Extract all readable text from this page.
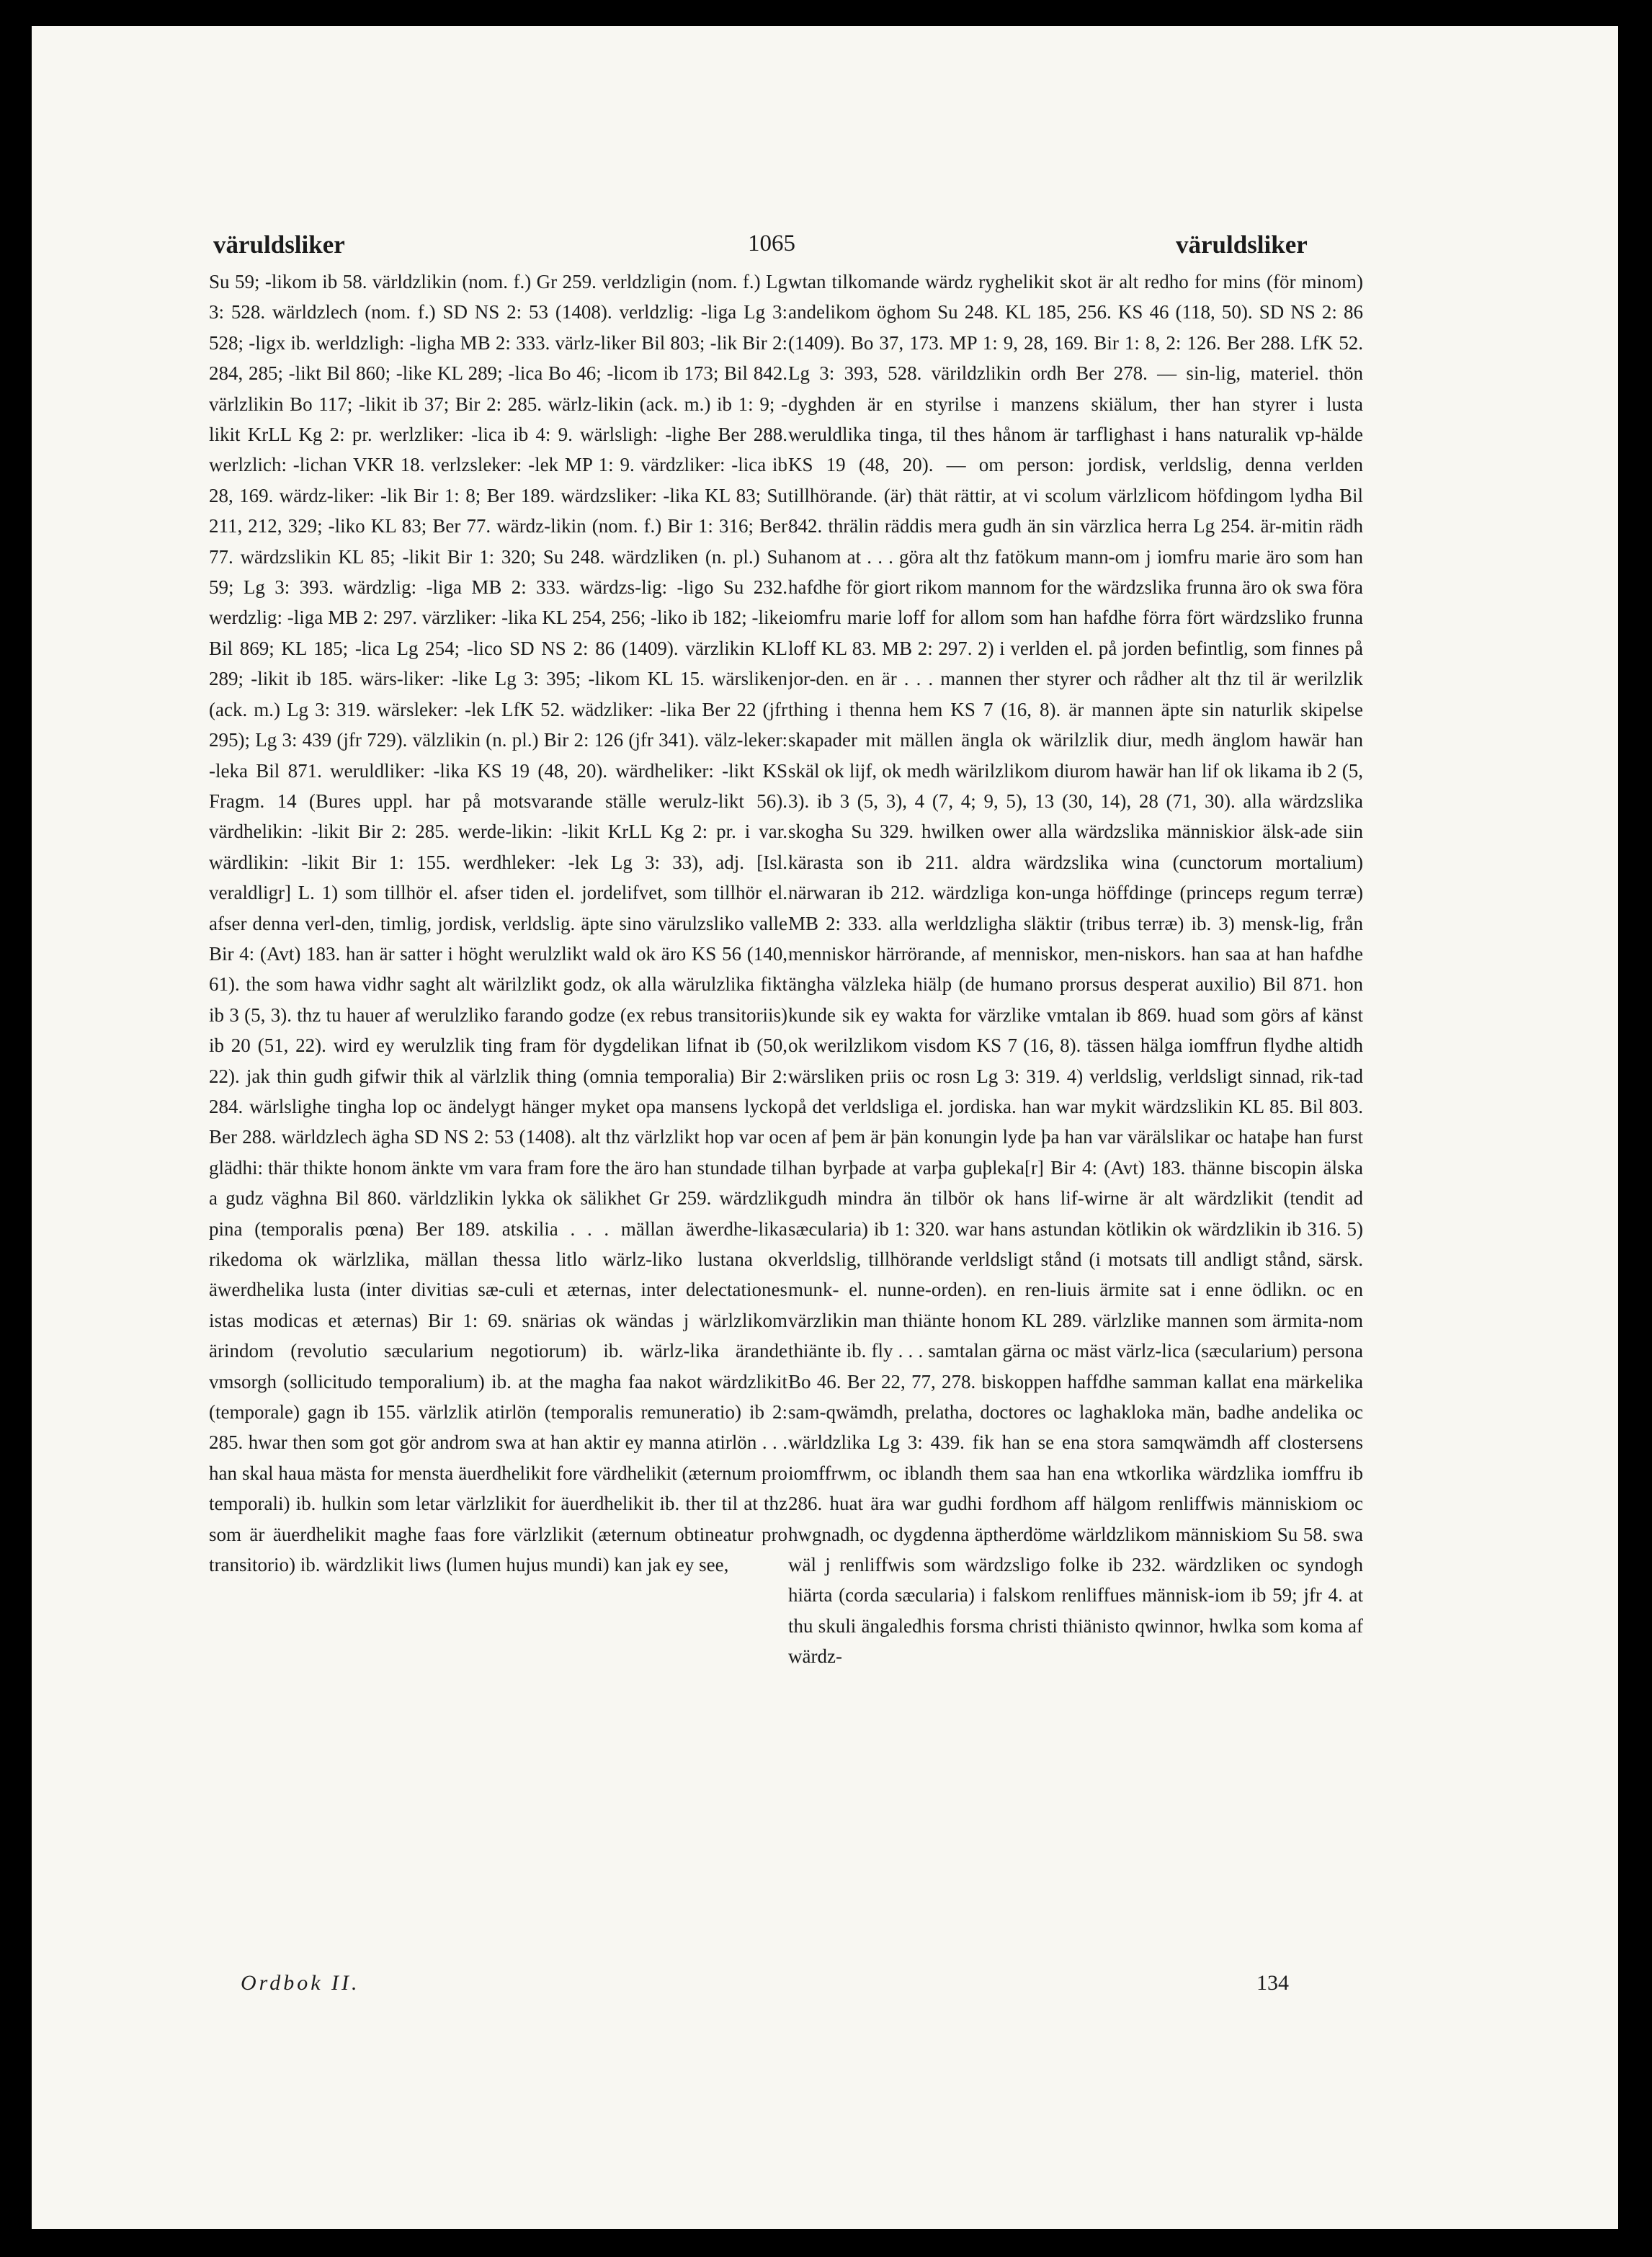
väruldsliker	1065	väruldsliker

Su 59; -likom ib 58. världzlikin (nom. f.) Gr 259. verldzligin (nom. f.) Lg 3: 528. wärldzlech (nom. f.) SD NS 2: 53 (1408). verldzlig: -liga Lg 3: 528; -ligx ib. werldzligh: -ligha MB 2: 333. värlz-liker Bil 803; -lik Bir 2: 284, 285; -likt Bil 860; -like KL 289; -lica Bo 46; -licom ib 173; Bil 842. värlzlikin Bo 117; -likit ib 37; Bir 2: 285. wärlz-likin (ack. m.) ib 1: 9; -likit KrLL Kg 2: pr. werlzliker: -lica ib 4: 9. wärlsligh: -lighe Ber 288. werlzlich: -lichan VKR 18. verlzsleker: -lek MP 1: 9. värdzliker: -lica ib 28, 169. wärdz-liker: -lik Bir 1: 8; Ber 189. wärdzsliker: -lika KL 83; Su 211, 212, 329; -liko KL 83; Ber 77. wärdz-likin (nom. f.) Bir 1: 316; Ber 77. wärdzslikin KL 85; -likit Bir 1: 320; Su 248. wärdzliken (n. pl.) Su 59; Lg 3: 393. wärdzlig: -liga MB 2: 333. wärdzs-lig: -ligo Su 232. werdzlig: -liga MB 2: 297. värzliker: -lika KL 254, 256; -liko ib 182; -like Bil 869; KL 185; -lica Lg 254; -lico SD NS 2: 86 (1409). värzlikin KL 289; -likit ib 185. wärs-liker: -like Lg 3: 395; -likom KL 15. wärsliken (ack. m.) Lg 3: 319. wärsleker: -lek LfK 52. wädzliker: -lika Ber 22 (jfr 295); Lg 3: 439 (jfr 729). välzlikin (n. pl.) Bir 2: 126 (jfr 341). välz-leker: -leka Bil 871. weruldliker: -lika KS 19 (48, 20). wärdheliker: -likt KS Fragm. 14 (Bures uppl. har på motsvarande ställe werulz-likt 56). värdhelikin: -likit Bir 2: 285. werde-likin: -likit KrLL Kg 2: pr. i var. wärdlikin: -likit Bir 1: 155. werdhleker: -lek Lg 3: 33), adj. [Isl. veraldligr] L. 1) som tillhör el. afser tiden el. jordelifvet, som tillhör el. afser denna verl-den, timlig, jordisk, verldslig. äpte sino värulzsliko valle Bir 4: (Avt) 183. han är satter i höght werulzlikt wald ok äro KS 56 (140, 61). the som hawa vidhr saght alt wärilzlikt godz, ok alla wärulzlika fikt ib 3 (5, 3). thz tu hauer af werulzliko farando godze (ex rebus transitoriis) ib 20 (51, 22). wird ey werulzlik ting fram för dygdelikan lifnat ib (50, 22). jak thin gudh gifwir thik al värlzlik thing (omnia temporalia) Bir 2: 284. wärlslighe tingha lop oc ändelygt hänger myket opa mansens lycko Ber 288. wärldzlech ägha SD NS 2: 53 (1408). alt thz värlzlikt hop var oc glädhi: thär thikte honom änkte vm vara fram fore the äro han stundade til a gudz väghna Bil 860. världzlikin lykka ok sälikhet Gr 259. wärdzlik pina (temporalis pœna) Ber 189. atskilia . . . mällan äwerdhe-lika rikedoma ok wärlzlika, mällan thessa litlo wärlz-liko lustana ok äwerdhelika lusta (inter divitias sæ-culi et æternas, inter delectationes istas modicas et æternas) Bir 1: 69. snärias ok wändas j wärlzlikom ärindom (revolutio sæcularium negotiorum) ib. wärlz-lika ärande vmsorgh (sollicitudo temporalium) ib. at the magha faa nakot wärdzlikit (temporale) gagn ib 155. värlzlik atirlön (temporalis remuneratio) ib 2: 285. hwar then som got gör androm swa at han aktir ey manna atirlön . . . han skal haua mästa for mensta äuerdhelikit fore värdhelikit (æternum pro temporali) ib. hulkin som letar värlzlikit for äuerdhelikit ib. ther til at thz som är äuerdhelikit maghe faas fore värlzlikit (æternum obtineatur pro transitorio) ib. wärdzlikit liws (lumen hujus mundi) kan jak ey see,

wtan tilkomande wärdz ryghelikit skot är alt redho for mins (för minom) andelikom öghom Su 248. KL 185, 256. KS 46 (118, 50). SD NS 2: 86 (1409). Bo 37, 173. MP 1: 9, 28, 169. Bir 1: 8, 2: 126. Ber 288. LfK 52. Lg 3: 393, 528. värildzlikin ordh Ber 278. — sin-lig, materiel. thön dyghden är en styrilse i manzens skiälum, ther han styrer i lusta weruldlika tinga, til thes hånom är tarflighast i hans naturalik vp-hälde KS 19 (48, 20). — om person: jordisk, verldslig, denna verlden tillhörande. (är) thät rättir, at vi scolum värlzlicom höfdingom lydha Bil 842. thrälin räddis mera gudh än sin värzlica herra Lg 254. är-mitin rädh hanom at . . . göra alt thz fatökum mann-om j iomfru marie äro som han hafdhe för giort rikom mannom for the wärdzslika frunna äro ok swa föra iomfru marie loff for allom som han hafdhe förra fört wärdzsliko frunna loff KL 83. MB 2: 297. 2) i verlden el. på jorden befintlig, som finnes på jor-den. en är . . . mannen ther styrer och rådher alt thz til är werilzlik thing i thenna hem KS 7 (16, 8). är mannen äpte sin naturlik skipelse skapader mit mällen ängla ok wärilzlik diur, medh änglom hawär han skäl ok lijf, ok medh wärilzlikom diurom hawär han lif ok likama ib 2 (5, 3). ib 3 (5, 3), 4 (7, 4; 9, 5), 13 (30, 14), 28 (71, 30). alla wärdzslika skogha Su 329. hwilken ower alla wärdzslika människior älsk-ade siin kärasta son ib 211. aldra wärdzslika wina (cunctorum mortalium) närwaran ib 212. wärdzliga kon-unga höffdinge (princeps regum terræ) MB 2: 333. alla werldzligha släktir (tribus terræ) ib. 3) mensk-lig, från menniskor härrörande, af menniskor, men-niskors. han saa at han hafdhe ängha välzleka hiälp (de humano prorsus desperat auxilio) Bil 871. hon kunde sik ey wakta for värzlike vmtalan ib 869. huad som görs af känst ok werilzlikom visdom KS 7 (16, 8). tässen hälga iomffrun flydhe altidh wärsliken priis oc rosn Lg 3: 319. 4) verldslig, verldsligt sinnad, rik-tad på det verldsliga el. jordiska. han war mykit wärdzslikin KL 85. Bil 803. en af þem är þän konungin lyde þa han var värälslikar oc hataþe han furst han byrþade at varþa guþleka[r] Bir 4: (Avt) 183. thänne biscopin älska gudh mindra än tilbör ok hans lif-wirne är alt wärdzlikit (tendit ad sæcularia) ib 1: 320. war hans astundan kötlikin ok wärdzlikin ib 316. 5) verldslig, tillhörande verldsligt stånd (i motsats till andligt stånd, särsk. munk- el. nunne-orden). en ren-liuis ärmite sat i enne ödlikn. oc en värzlikin man thiänte honom KL 289. värlzlike mannen som ärmita-nom thiänte ib. fly . . . samtalan gärna oc mäst värlz-lica (sæcularium) persona Bo 46. Ber 22, 77, 278. biskoppen haffdhe samman kallat ena märkelika sam-qwämdh, prelatha, doctores oc laghakloka män, badhe andelika oc wärldzlika Lg 3: 439. fik han se ena stora samqwämdh aff clostersens iomffrwm, oc iblandh them saa han ena wtkorlika wärdzlika iomffru ib 286. huat ära war gudhi fordhom aff hälgom renliffwis människiom oc hwgnadh, oc dygdenna äptherdöme wärldzlikom människiom Su 58. swa wäl j renliffwis som wärdzsligo folke ib 232. wärdzliken oc syndogh hiärta (corda sæcularia) i falskom renliffues människ-iom ib 59; jfr 4. at thu skuli ängaledhis forsma christi thiänisto qwinnor, hwlka som koma af wärdz-

Ordbok II.	134
